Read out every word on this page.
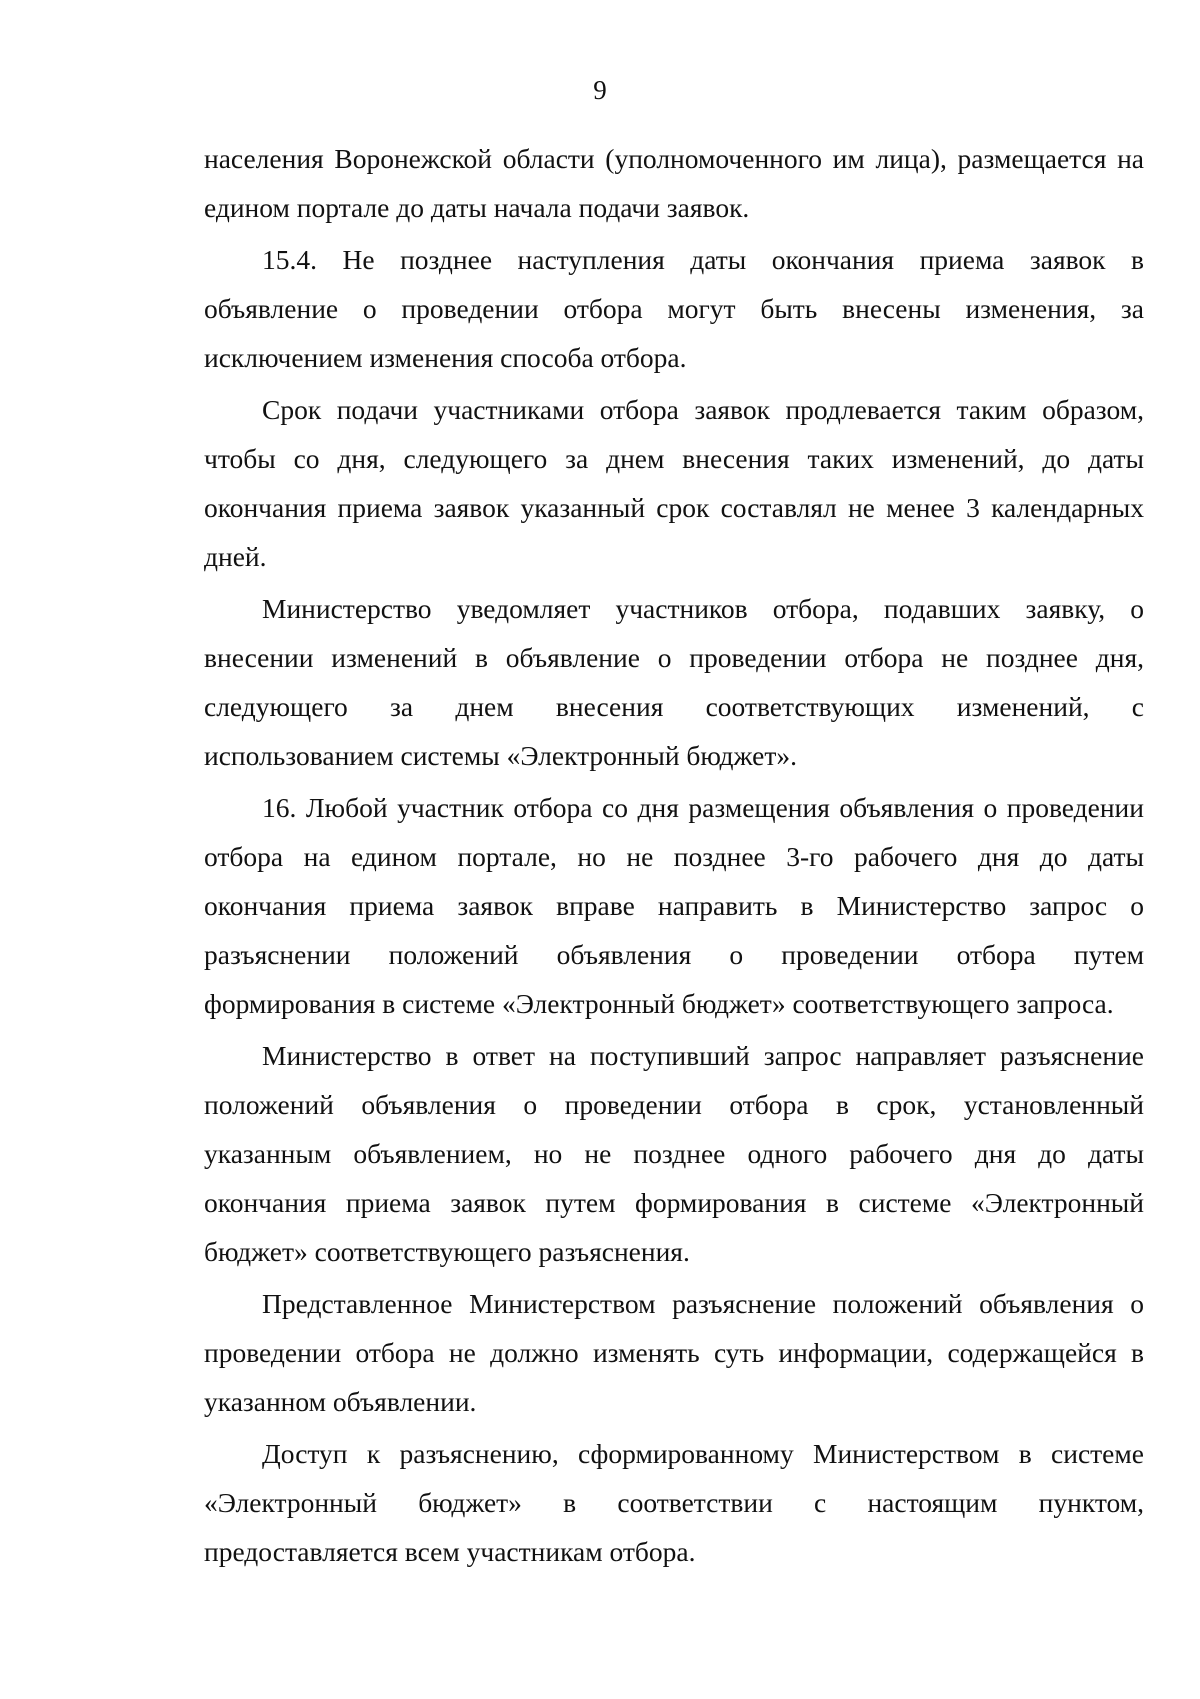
9
населения Воронежской области (уполномоченного им лица), размещается на
едином портале до даты начала подачи заявок.
15.4. Не позднее наступления даты окончания приема заявок в
объявление о проведении отбора могут быть внесены изменения, за
исключением изменения способа отбора.
Срок подачи участниками отбора заявок продлевается таким образом,
чтобы со дня, следующего за днем внесения таких изменений, до даты
окончания приема заявок указанный срок составлял не менее 3 календарных
дней.
Министерство уведомляет участников отбора, подавших заявку, о
внесении изменений в объявление о проведении отбора не позднее дня,
следующего за днем внесения соответствующих изменений, с
использованием системы «Электронный бюджет».
16. Любой участник отбора со дня размещения объявления о проведении
отбора на едином портале, но не позднее 3-го рабочего дня до даты
окончания приема заявок вправе направить в Министерство запрос о
разъяснении положений объявления о проведении отбора путем
формирования в системе «Электронный бюджет» соответствующего запроса.
Министерство в ответ на поступивший запрос направляет разъяснение
положений объявления о проведении отбора в срок, установленный
указанным объявлением, но не позднее одного рабочего дня до даты
окончания приема заявок путем формирования в системе «Электронный
бюджет» соответствующего разъяснения.
Представленное Министерством разъяснение положений объявления о
проведении отбора не должно изменять суть информации, содержащейся в
указанном объявлении.
Доступ к разъяснению, сформированному Министерством в системе
«Электронный бюджет» в соответствии с настоящим пунктом,
предоставляется всем участникам отбора.
